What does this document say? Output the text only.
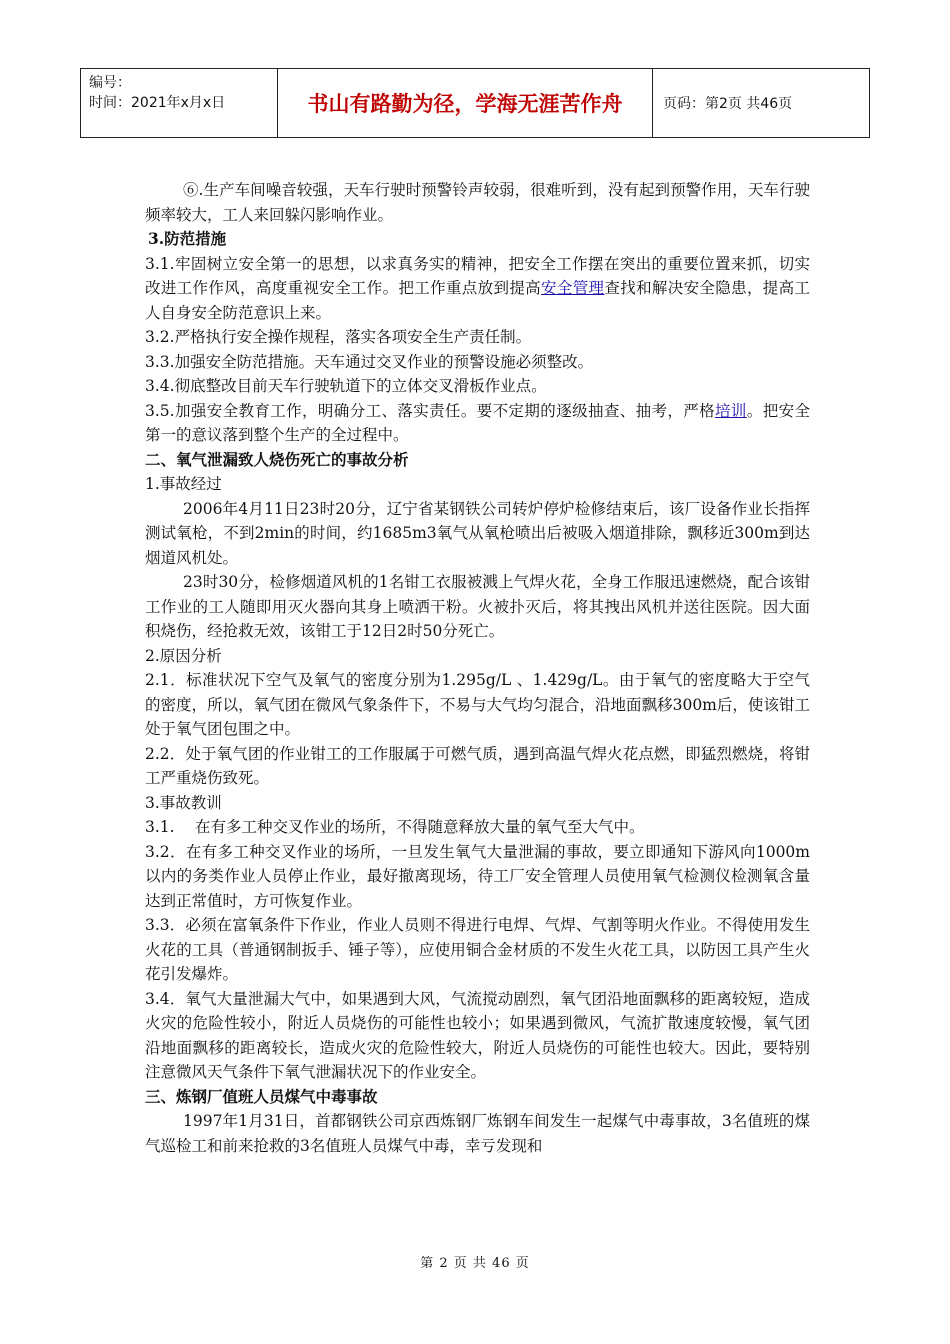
编号：
时间：2021年x月x日	书山有路勤为径，学海无涯苦作舟	页码：第2页 共46页

⑥.生产车间噪音较强，天车行驶时预警铃声较弱，很难听到，没有起到预警作用，天车行驶频率较大，工人来回躲闪影响作业。

3.防范措施

3.1.牢固树立安全第一的思想，以求真务实的精神，把安全工作摆在突出的重要位置来抓，切实改进工作作风，高度重视安全工作。把工作重点放到提高安全管理查找和解决安全隐患，提高工人自身安全防范意识上来。

3.2.严格执行安全操作规程，落实各项安全生产责任制。

3.3.加强安全防范措施。天车通过交叉作业的预警设施必须整改。

3.4.彻底整改目前天车行驶轨道下的立体交叉滑板作业点。

3.5.加强安全教育工作，明确分工、落实责任。要不定期的逐级抽查、抽考，严格培训。把安全第一的意议落到整个生产的全过程中。

二、氧气泄漏致人烧伤死亡的事故分析

1.事故经过

2006年4月11日23时20分，辽宁省某钢铁公司转炉停炉检修结束后，该厂设备作业长指挥测试氧枪，不到2min的时间，约1685m3氧气从氧枪喷出后被吸入烟道排除，飘移近300m到达烟道风机处。

23时30分，检修烟道风机的1名钳工衣服被溅上气焊火花，全身工作服迅速燃烧，配合该钳工作业的工人随即用灭火器向其身上喷洒干粉。火被扑灭后，将其拽出风机并送往医院。因大面积烧伤，经抢救无效，该钳工于12日2时50分死亡。

2.原因分析

2.1．标准状况下空气及氧气的密度分别为1.295g/L 、1.429g/L。由于氧气的密度略大于空气的密度，所以，氧气团在微风气象条件下，不易与大气均匀混合，沿地面飘移300m后，使该钳工处于氧气团包围之中。

2.2．处于氧气团的作业钳工的工作服属于可燃气质，遇到高温气焊火花点燃，即猛烈燃烧，将钳工严重烧伤致死。

3.事故教训

3.1.　 在有多工种交叉作业的场所，不得随意释放大量的氧气至大气中。

3.2．在有多工种交叉作业的场所，一旦发生氧气大量泄漏的事故，要立即通知下游风向1000m以内的务类作业人员停止作业，最好撤离现场，待工厂安全管理人员使用氧气检测仪检测氧含量达到正常值时，方可恢复作业。

3.3．必须在富氧条件下作业，作业人员则不得进行电焊、气焊、气割等明火作业。不得使用发生火花的工具（普通钢制扳手、锤子等），应使用铜合金材质的不发生火花工具，以防因工具产生火花引发爆炸。

3.4．氧气大量泄漏大气中，如果遇到大风，气流搅动剧烈，氧气团沿地面飘移的距离较短，造成火灾的危险性较小，附近人员烧伤的可能性也较小；如果遇到微风，气流扩散速度较慢，氧气团沿地面飘移的距离较长，造成火灾的危险性较大，附近人员烧伤的可能性也较大。因此，要特别注意微风天气条件下氧气泄漏状况下的作业安全。

三、炼钢厂值班人员煤气中毒事故

1997年1月31日，首都钢铁公司京西炼钢厂炼钢车间发生一起煤气中毒事故，3名值班的煤气巡检工和前来抢救的3名值班人员煤气中毒，幸亏发现和

第 2 页 共 46 页
